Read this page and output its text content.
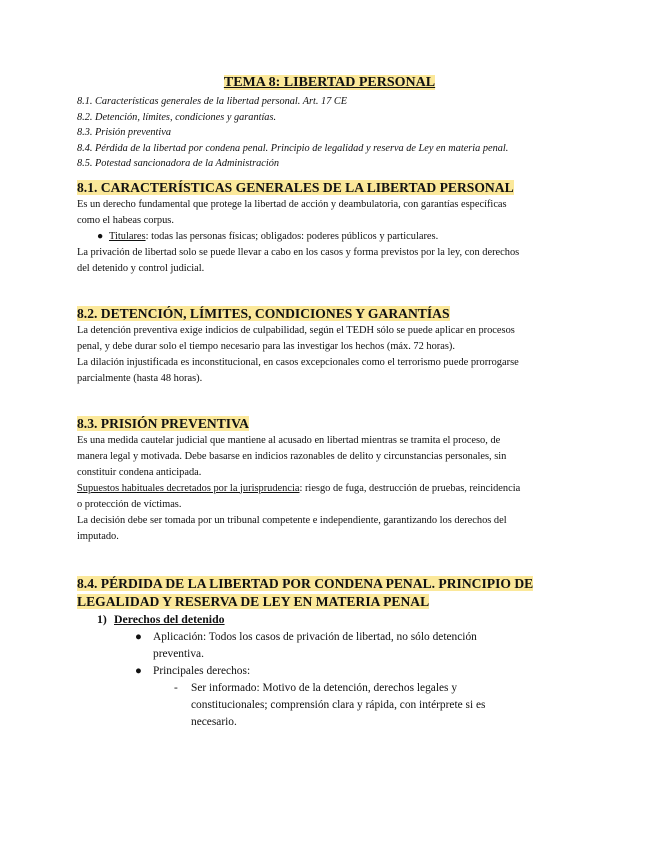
TEMA 8: LIBERTAD PERSONAL
8.1. Características generales de la libertad personal. Art. 17 CE
8.2. Detención, límites, condiciones y garantías.
8.3. Prisión preventiva
8.4. Pérdida de la libertad por condena penal. Principio de legalidad y reserva de Ley en materia penal.
8.5. Potestad sancionadora de la Administración
8.1. CARACTERÍSTICAS GENERALES DE LA LIBERTAD PERSONAL

Es un derecho fundamental que protege la libertad de acción y deambulatoria, con garantías específicas
como el habeas corpus.

● Titulares: todas las personas físicas; obligados: poderes públicos y particulares.

La privación de libertad solo se puede llevar a cabo en los casos y forma previstos por la ley, con derechos
del detenido y control judicial.

8.2. DETENCIÓN, LÍMITES, CONDICIONES Y GARANTÍAS

La detención preventiva exige indicios de culpabilidad, según el TEDH sólo se puede aplicar en procesos
penal, y debe durar solo el tiempo necesario para las investigar los hechos (máx. 72 horas).

La dilación injustificada es inconstitucional, en casos excepcionales como el terrorismo puede prorrogarse
parcialmente (hasta 48 horas).

8.3. PRISIÓN PREVENTIVA

Es una medida cautelar judicial que mantiene al acusado en libertad mientras se tramita el proceso, de
manera legal y motivada. Debe basarse en indicios razonables de delito y circunstancias personales, sin
constituir condena anticipada.

Supuestos habituales decretados por la jurisprudencia: riesgo de fuga, destrucción de pruebas, reincidencia
o protección de víctimas.

La decisión debe ser tomada por un tribunal competente e independiente, garantizando los derechos del
imputado.

8.4. PÉRDIDA DE LA LIBERTAD POR CONDENA PENAL. PRINCIPIO DE
LEGALIDAD Y RESERVA DE LEY EN MATERIA PENAL
1) Derechos del detenido
● Aplicación: Todos los casos de privación de libertad, no sólo detención
preventiva.
● Principales derechos:
- Ser informado: Motivo de la detención, derechos legales y
constitucionales; comprensión clara y rápida, con intérprete si es
necesario.
